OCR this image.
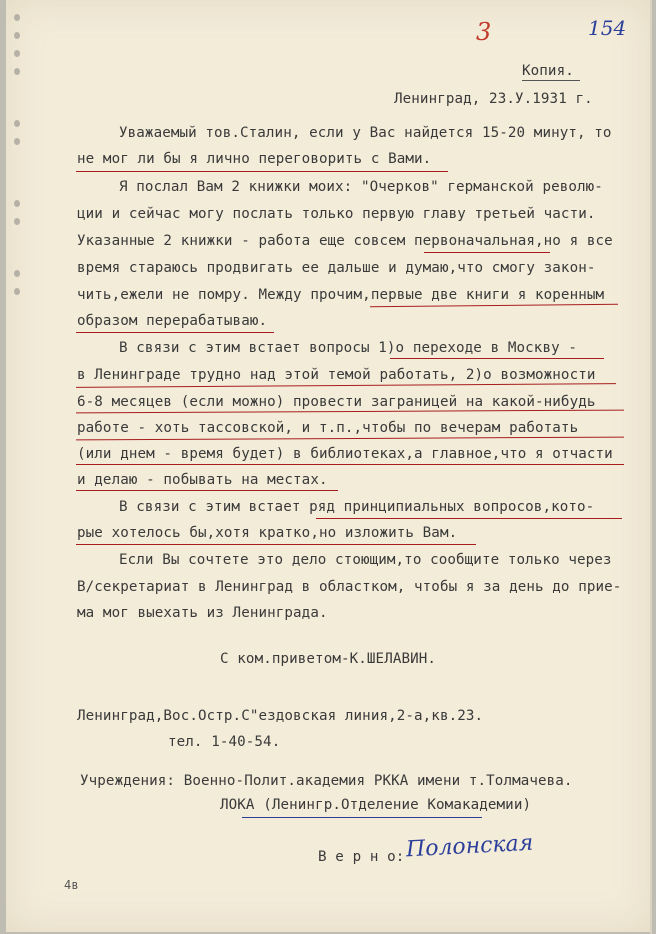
154
3
Копия.
Ленинград, 23.У.1931 г.
Уважаемый тов.Сталин, если у Вас найдется 15-20 минут, то
не мог ли бы я лично переговорить с Вами.
Я послал Вам 2 книжки моих: "Очерков" германской револю-
ции и сейчас могу послать только первую главу третьей части.
Указанные 2 книжки - работа еще совсем первоначальная,но я все
время стараюсь продвигать ее дальше и думаю,что смогу закон-
чить,ежели не помру. Между прочим,первые две книги я коренным
образом перерабатываю.
В связи с этим встает вопросы 1)о переходе в Москву -
в Ленинграде трудно над этой темой работать, 2)о возможности
6-8 месяцев (если можно) провести заграницей на какой-нибудь
работе - хоть тассовской, и т.п.,чтобы по вечерам работать
(или днем - время будет) в библиотеках,а главное,что я отчасти
и делаю - побывать на местах.
В связи с этим встает ряд принципиальных вопросов,кото-
рые хотелось бы,хотя кратко,но изложить Вам.
Если Вы сочтете это дело стоющим,то сообщите только через
В/секретариат в Ленинград в областком, чтобы я за день до прие-
ма мог выехать из Ленинграда.
С ком.приветом-К.ШЕЛАВИН.
Ленинград,Вос.Остр.С"ездовская линия,2-а,кв.23.
тел. 1-40-54.
Учреждения: Военно-Полит.академия РККА имени т.Толмачева.
ЛОКА (Ленингр.Отделение Комакадемии)
В е р н о: Полонская
4в
